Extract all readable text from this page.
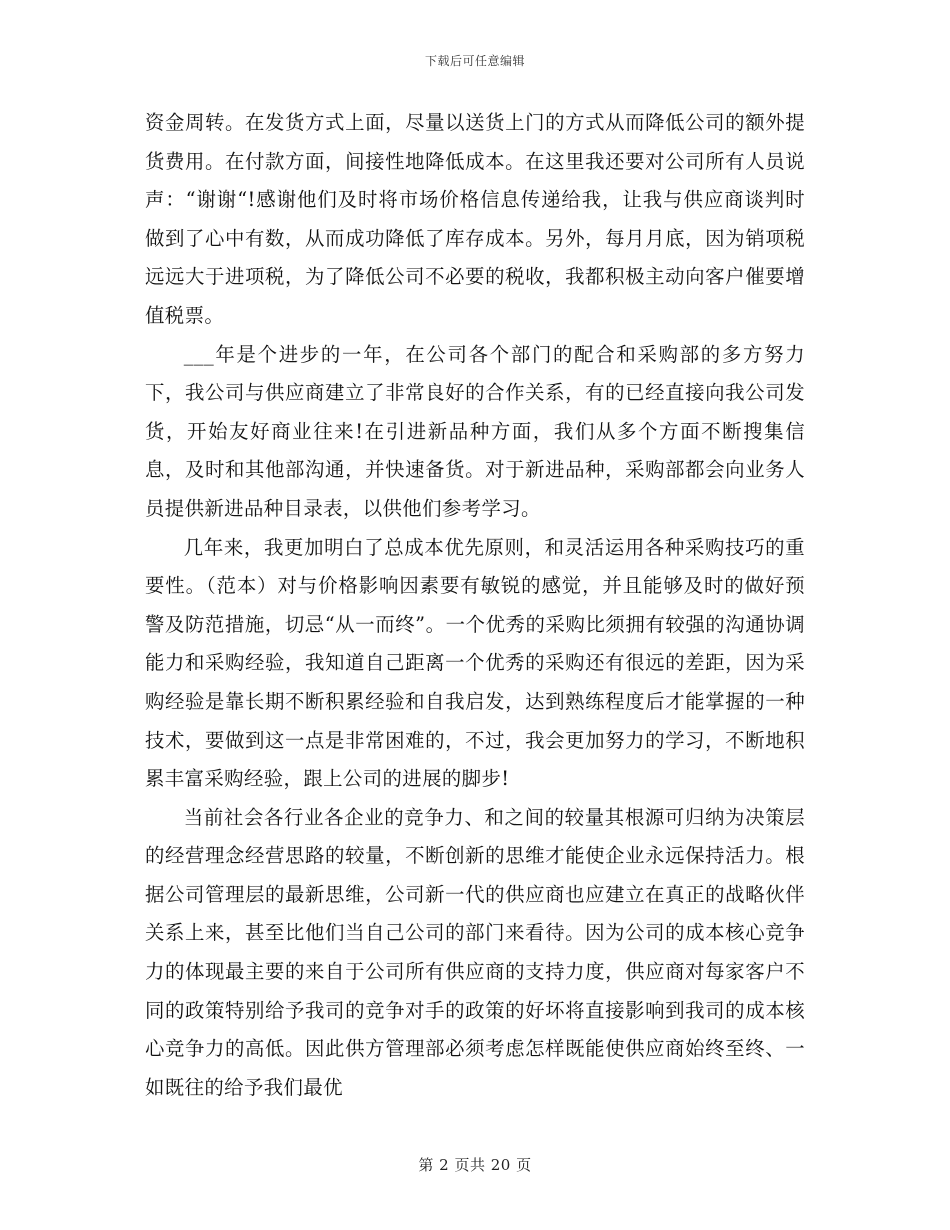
下载后可任意编辑

资金周转。在发货方式上面，尽量以送货上门的方式从而降低公司的额外提货费用。在付款方面，间接性地降低成本。在这里我还要对公司所有人员说声：“谢谢“!感谢他们及时将市场价格信息传递给我，让我与供应商谈判时做到了心中有数，从而成功降低了库存成本。另外，每月月底，因为销项税远远大于进项税，为了降低公司不必要的税收，我都积极主动向客户催要增值税票。

___年是个进步的一年，在公司各个部门的配合和采购部的多方努力下，我公司与供应商建立了非常良好的合作关系，有的已经直接向我公司发货，开始友好商业往来!在引进新品种方面，我们从多个方面不断搜集信息，及时和其他部沟通，并快速备货。对于新进品种，采购部都会向业务人员提供新进品种目录表，以供他们参考学习。

几年来，我更加明白了总成本优先原则，和灵活运用各种采购技巧的重要性。（范本）对与价格影响因素要有敏锐的感觉，并且能够及时的做好预警及防范措施，切忌“从一而终”。一个优秀的采购比须拥有较强的沟通协调能力和采购经验，我知道自己距离一个优秀的采购还有很远的差距，因为采购经验是靠长期不断积累经验和自我启发，达到熟练程度后才能掌握的一种技术，要做到这一点是非常困难的，不过，我会更加努力的学习，不断地积累丰富采购经验，跟上公司的进展的脚步!

当前社会各行业各企业的竞争力、和之间的较量其根源可归纳为决策层的经营理念经营思路的较量，不断创新的思维才能使企业永远保持活力。根据公司管理层的最新思维，公司新一代的供应商也应建立在真正的战略伙伴关系上来，甚至比他们当自己公司的部门来看待。因为公司的成本核心竞争力的体现最主要的来自于公司所有供应商的支持力度，供应商对每家客户不同的政策特别给予我司的竞争对手的政策的好坏将直接影响到我司的成本核心竞争力的高低。因此供方管理部必须考虑怎样既能使供应商始终至终、一如既往的给予我们最优

第 2 页共 20 页
